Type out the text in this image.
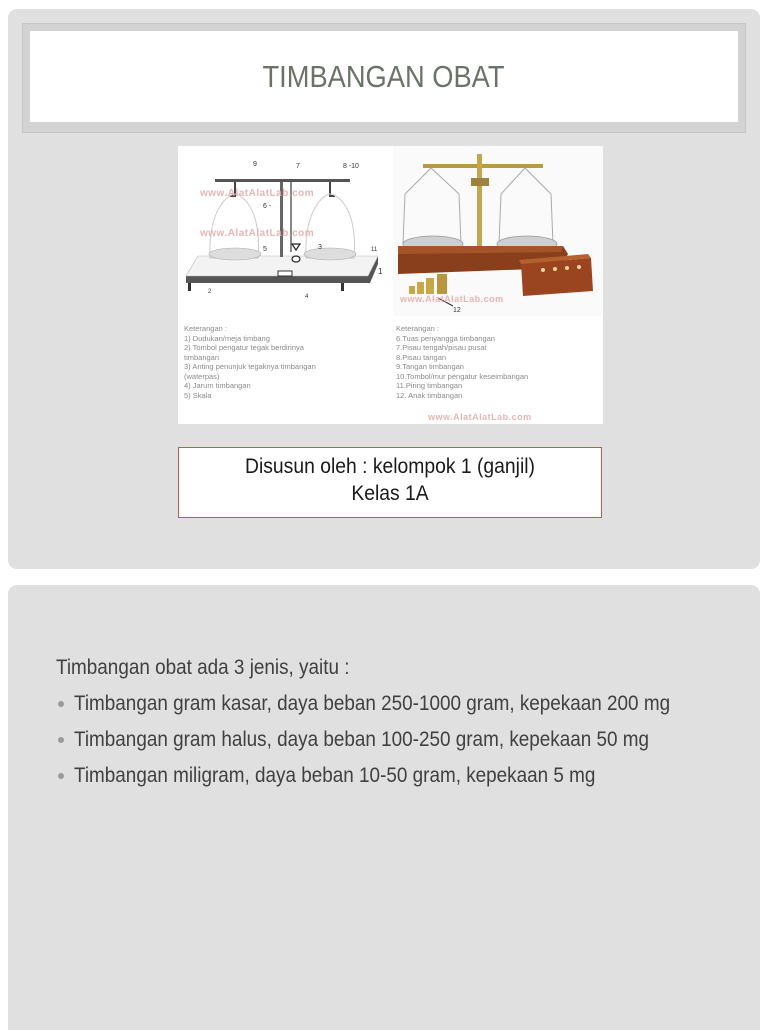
TIMBANGAN OBAT
9	7	8 -10
6 -
5	3	11
1
2
4
www.AlatAlatLab.com
www.AlatAlatLab.com
12
www.AlatAlatLab.com
Keterangan :
1) Dudukan/meja timbang
2) Tombol pengatur tegak berdirinya
timbangan
3) Anting penunjuk tegaknya timbangan
(waterpas)
4) Jarum timbangan
5) Skala
Keterangan :
6.Tuas penyangga timbangan
7.Pisau tengah/pisau pusat
8.Pisau tangan
9.Tangan timbangan
10.Tombol/mur pengatur keseimbangan
11.Piring timbangan
12. Anak timbangan
www.AlatAlatLab.com
Disusun oleh : kelompok 1 (ganjil)
Kelas 1A
Timbangan obat ada 3 jenis, yaitu :
Timbangan gram kasar, daya beban 250-1000 gram, kepekaan 200 mg
Timbangan gram halus, daya beban 100-250 gram, kepekaan 50 mg
Timbangan miligram, daya beban 10-50 gram, kepekaan 5 mg
